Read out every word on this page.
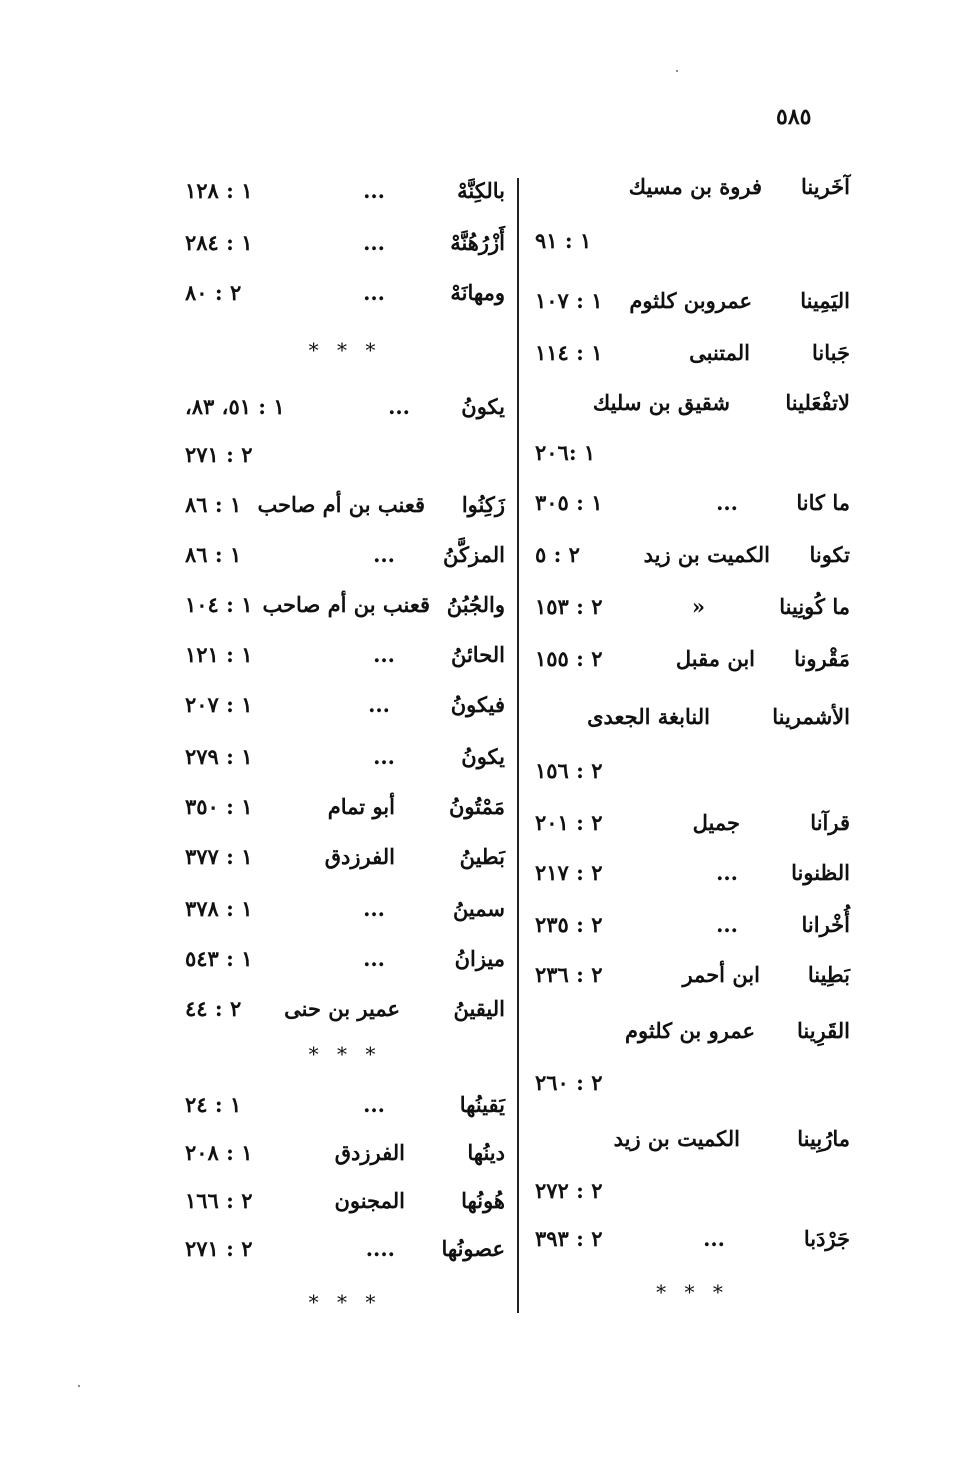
٥٨٥
آخَرينا
فروة بن مسيك
١ : ٩١
اليَمِينا
عمروبن كلثوم
١ : ١٠٧
جَبانا
المتنبى
١ : ١١٤
لاتفْعَلينا
شقيق بن سليك
١ :٢٠٦
ما كانا
...
١ : ٣٠٥
تكونا
الكميت بن زيد
٢ : ٥
ما كُونِينا
«
٢ : ١٥٣
مَقْرونا
ابن مقبل
٢ : ١٥٥
الأشمرينا
النابغة الجعدى
٢ : ١٥٦
قرآنا
جميل
٢ : ٢٠١
الظنونا
...
٢ : ٢١٧
أُخْرانا
...
٢ : ٢٣٥
بَطِينا
ابن أحمر
٢ : ٢٣٦
القَرِينا
عمرو بن كلثوم
٢ : ٢٦٠
مارُبِينا
الكميت بن زيد
٢ : ٢٧٢
جَرْدَبا
...
٢ : ٣٩٣
* * *
بالكِنَّهْ
...
١ : ١٢٨
أَزْرُهُنَّهْ
...
١ : ٢٨٤
ومهانَهْ
...
٢ : ٨٠
* * *
يكونُ
...
١ : ٥١، ٨٣،
٢ : ٢٧١
زَكِنُوا
قعنب بن أم صاحب
١ : ٨٦
المزكَّنُ
...
١ : ٨٦
والجُبُنُ
قعنب بن أم صاحب
١ : ١٠٤
الحائنُ
...
١ : ١٢١
فيكونُ
...
١ : ٢٠٧
يكونُ
...
١ : ٢٧٩
مَمْتُونُ
أبو تمام
١ : ٣٥٠
بَطينُ
الفرزدق
١ : ٣٧٧
سمينُ
...
١ : ٣٧٨
ميزانُ
...
١ : ٥٤٣
اليقينُ
عمير بن حنى
٢ : ٤٤
* * *
يَقينُها
...
١ : ٢٤
دينُها
الفرزدق
١ : ٢٠٨
هُونُها
المجنون
٢ : ١٦٦
عصونُها
....
٢ : ٢٧١
* * *
